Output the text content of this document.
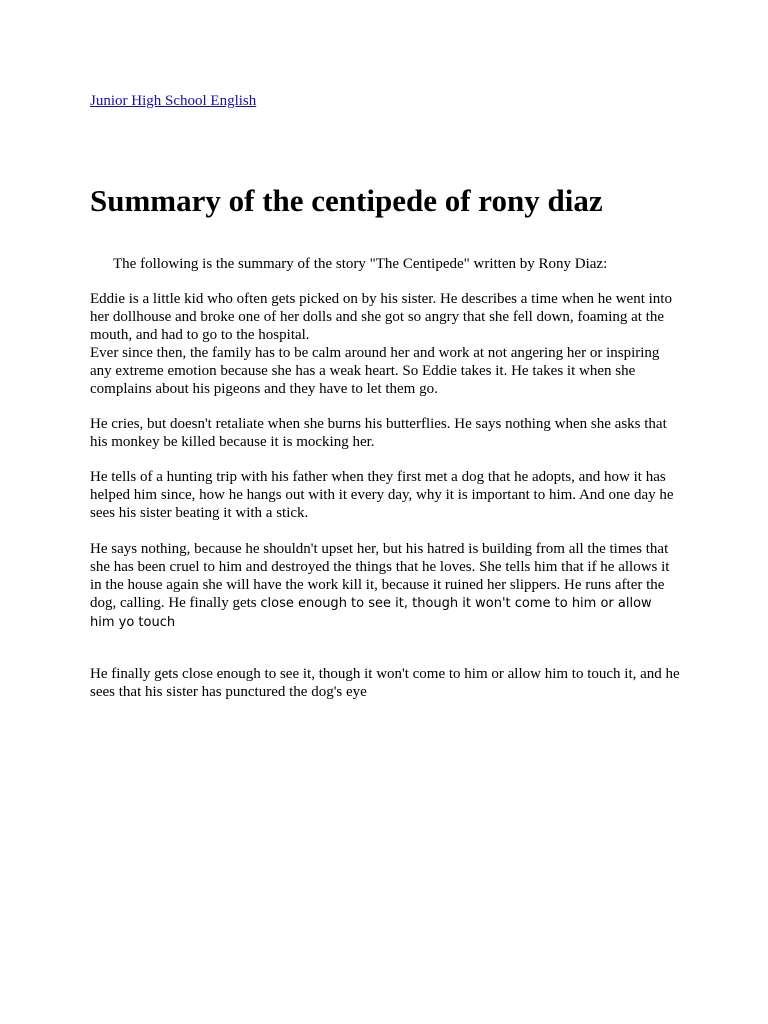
Junior High School English
Summary of the centipede of rony diaz

The following is the summary of the story "The Centipede" written by Rony Diaz:

Eddie is a little kid who often gets picked on by his sister. He describes a time when he went into her dollhouse and broke one of her dolls and she got so angry that she fell down, foaming at the mouth, and had to go to the hospital.
Ever since then, the family has to be calm around her and work at not angering her or inspiring any extreme emotion because she has a weak heart. So Eddie takes it. He takes it when she complains about his pigeons and they have to let them go.

He cries, but doesn't retaliate when she burns his butterflies. He says nothing when she asks that his monkey be killed because it is mocking her.

He tells of a hunting trip with his father when they first met a dog that he adopts, and how it has helped him since, how he hangs out with it every day, why it is important to him. And one day he sees his sister beating it with a stick.

He says nothing, because he shouldn't upset her, but his hatred is building from all the times that she has been cruel to him and destroyed the things that he loves. She tells him that if he allows it in the house again she will have the work kill it, because it ruined her slippers. He runs after the dog, calling. He finally gets close enough to see it, though it won't come to him or allow him yo touch

He finally gets close enough to see it, though it won't come to him or allow him to touch it, and he sees that his sister has punctured the dog's eye
